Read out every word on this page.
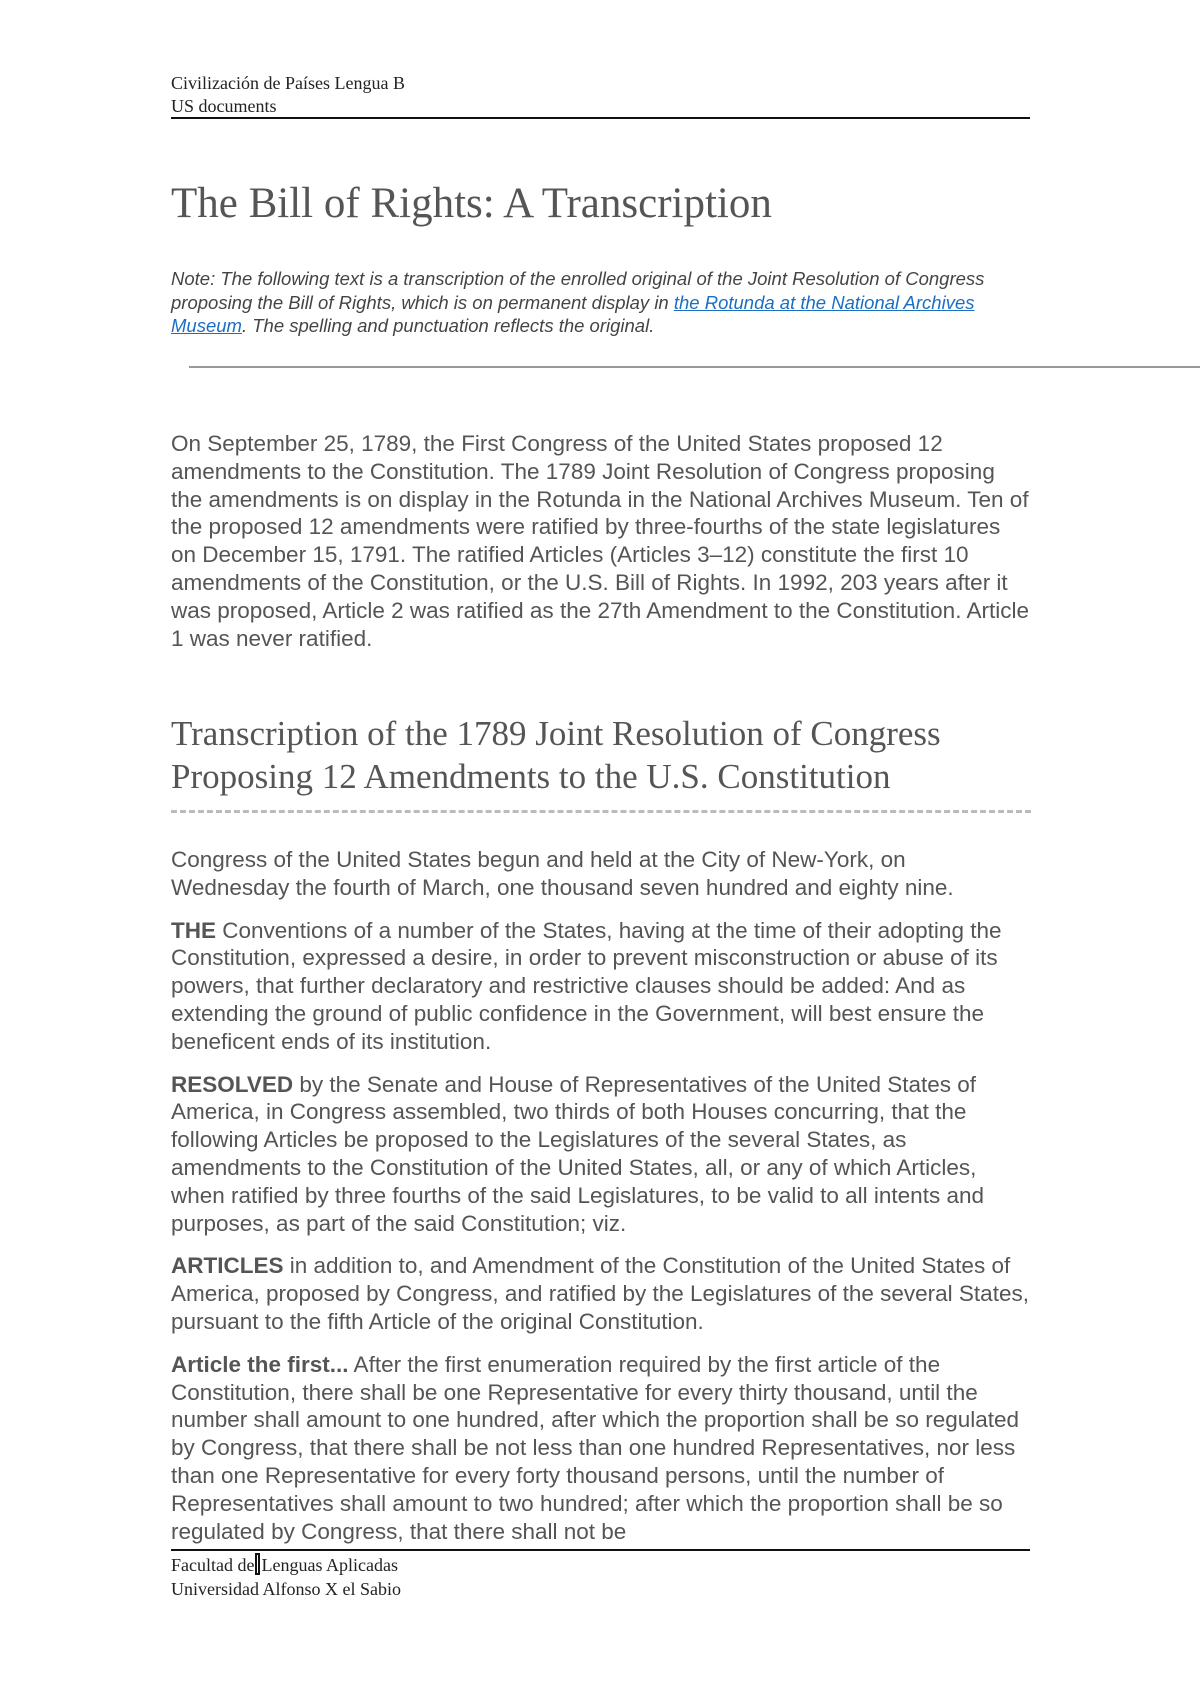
Civilización de Países Lengua B
US documents
The Bill of Rights: A Transcription

Note: The following text is a transcription of the enrolled original of the Joint Resolution of Congress proposing the Bill of Rights, which is on permanent display in the Rotunda at the National Archives Museum. The spelling and punctuation reflects the original.

On September 25, 1789, the First Congress of the United States proposed 12 amendments to the Constitution. The 1789 Joint Resolution of Congress proposing the amendments is on display in the Rotunda in the National Archives Museum. Ten of the proposed 12 amendments were ratified by three-fourths of the state legislatures on December 15, 1791. The ratified Articles (Articles 3–12) constitute the first 10 amendments of the Constitution, or the U.S. Bill of Rights. In 1992, 203 years after it was proposed, Article 2 was ratified as the 27th Amendment to the Constitution. Article 1 was never ratified.

Transcription of the 1789 Joint Resolution of Congress Proposing 12 Amendments to the U.S. Constitution

Congress of the United States begun and held at the City of New-York, on Wednesday the fourth of March, one thousand seven hundred and eighty nine.

THE Conventions of a number of the States, having at the time of their adopting the Constitution, expressed a desire, in order to prevent misconstruction or abuse of its powers, that further declaratory and restrictive clauses should be added: And as extending the ground of public confidence in the Government, will best ensure the beneficent ends of its institution.

RESOLVED by the Senate and House of Representatives of the United States of America, in Congress assembled, two thirds of both Houses concurring, that the following Articles be proposed to the Legislatures of the several States, as amendments to the Constitution of the United States, all, or any of which Articles, when ratified by three fourths of the said Legislatures, to be valid to all intents and purposes, as part of the said Constitution; viz.

ARTICLES in addition to, and Amendment of the Constitution of the United States of America, proposed by Congress, and ratified by the Legislatures of the several States, pursuant to the fifth Article of the original Constitution.

Article the first... After the first enumeration required by the first article of the Constitution, there shall be one Representative for every thirty thousand, until the number shall amount to one hundred, after which the proportion shall be so regulated by Congress, that there shall be not less than one hundred Representatives, nor less than one Representative for every forty thousand persons, until the number of Representatives shall amount to two hundred; after which the proportion shall be so regulated by Congress, that there shall not be

Facultad de Lenguas Aplicadas
Universidad Alfonso X el Sabio
